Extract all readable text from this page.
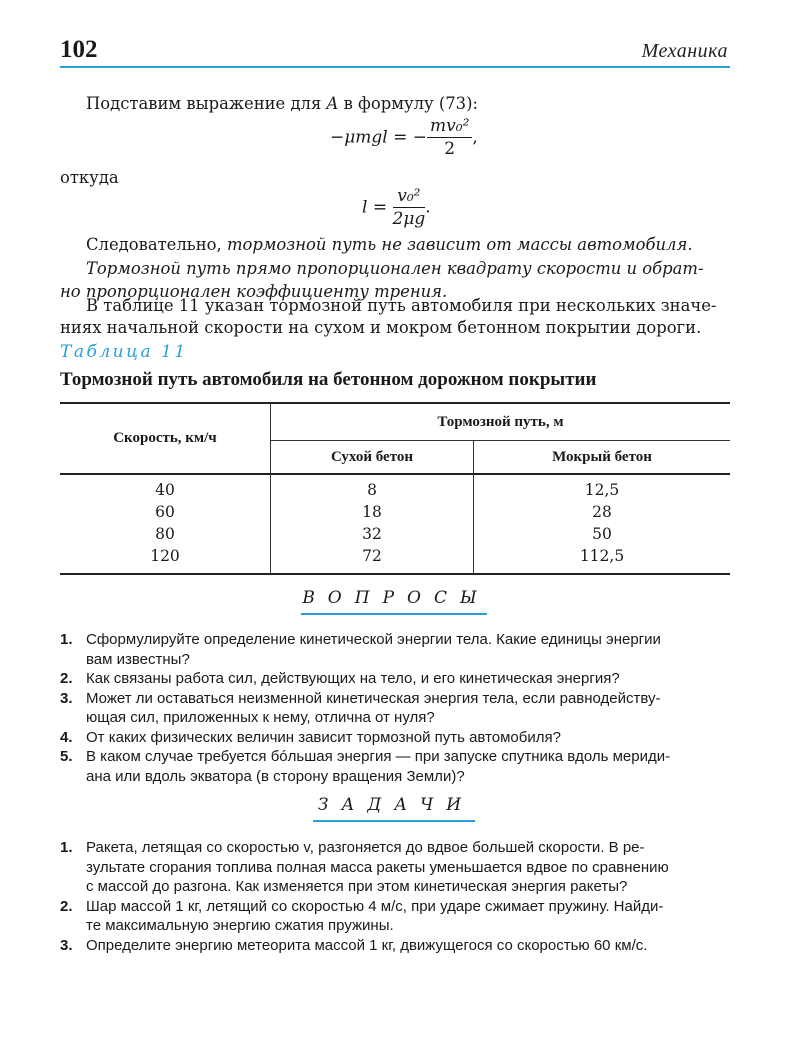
102	Механика
Подставим выражение для A в формулу (73):
−μmgl = − $\frac{\text{mv₀²}}{2}$ ,
откуда
$l = \frac{\text{v₀²}}{2\mu g}$ .
Следовательно, тормозной путь не зависит от массы автомобиля.
Тормозной путь прямо пропорционален квадрату скорости и обрат-
но пропорционален коэффициенту трения.
В таблице 11 указан тормозной путь автомобиля при нескольких значе-
ниях начальной скорости на сухом и мокром бетонном покрытии дороги.
Таблица 11
Тормозной путь автомобиля на бетонном дорожном покрытии
Скорость, км/ч	Тормозной путь, м	
	Сухой бетон	Мокрый бетон
40	8	12,5
60	18	28
80	32	50
120	72	112,5
ВОПРОСЫ
1. Сформулируйте определение кинетической энергии тела. Какие единицы энергии
вам известны?
2. Как связаны работа сил, действующих на тело, и его кинетическая энергия?
3. Может ли оставаться неизменной кинетическая энергия тела, если равнодейству-
ющая сил, приложенных к нему, отлична от нуля?
4. От каких физических величин зависит тормозной путь автомобиля?
5. В каком случае требуется бóльшая энергия — при запуске спутника вдоль мериди-
ана или вдоль экватора (в сторону вращения Земли)?
ЗАДАЧИ
1. Ракета, летящая со скоростью v, разгоняется до вдвое большей скорости. В ре-
зультате сгорания топлива полная масса ракеты уменьшается вдвое по сравнению
с массой до разгона. Как изменяется при этом кинетическая энергия ракеты?
2. Шар массой 1 кг, летящий со скоростью 4 м/с, при ударе сжимает пружину. Найди-
те максимальную энергию сжатия пружины.
3. Определите энергию метеорита массой 1 кг, движущегося со скоростью 60 км/с.
